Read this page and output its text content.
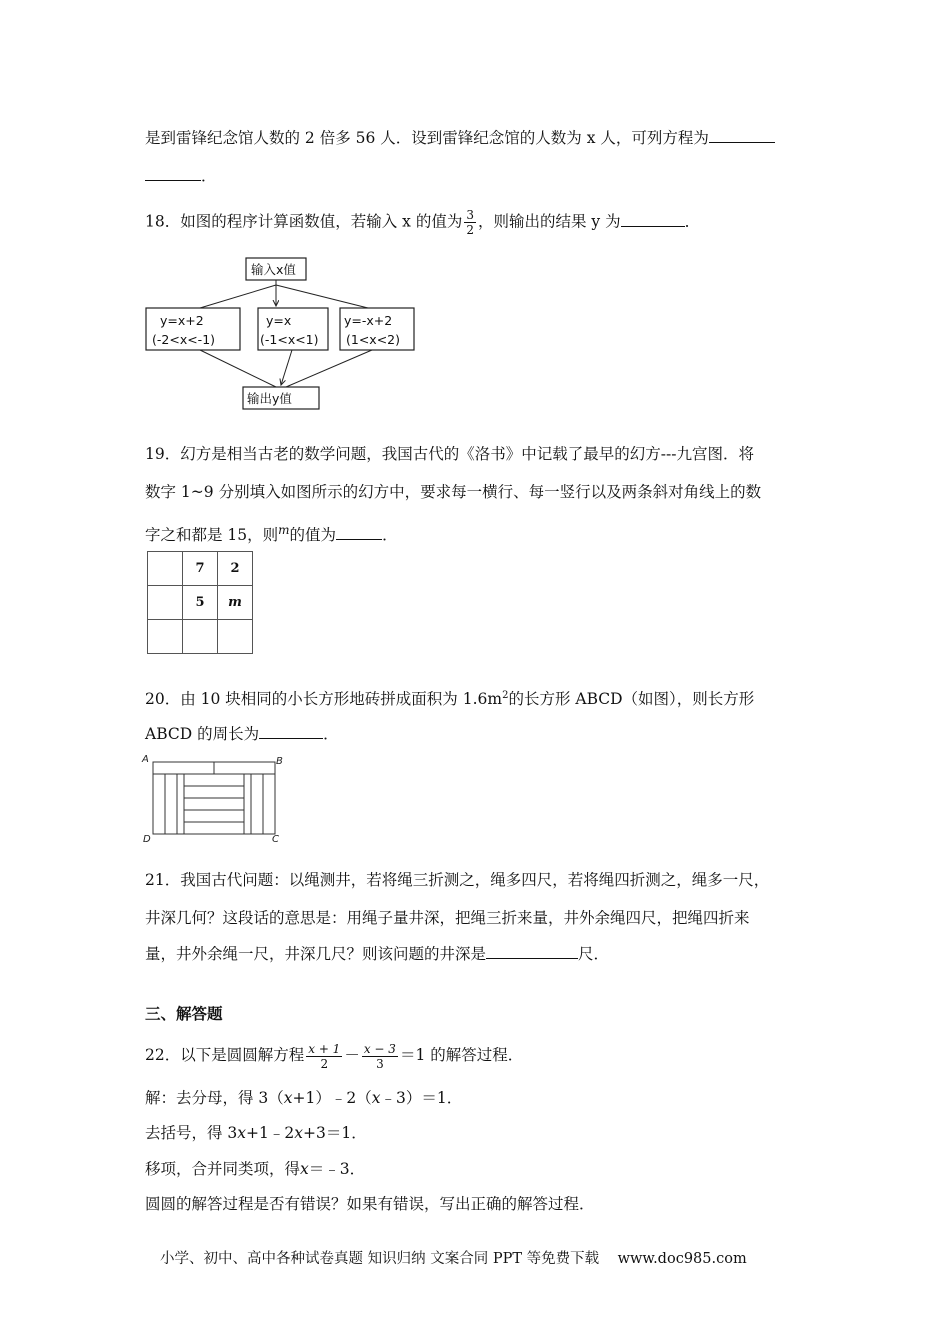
是到雷锋纪念馆人数的 2 倍多 56 人．设到雷锋纪念馆的人数为 x 人，可列方程为
．
18．如图的程序计算函数值，若输入 x 的值为 $\frac{3}{2}$ ，则输出的结果 y 为	．
输入x值
y=x+2
(-2<x<-1)
y=x
(-1<x<1)
y=-x+2
(1<x<2)
输出y值
19．幻方是相当古老的数学问题，我国古代的《洛书》中记载了最早的幻方---九宫图．将
数字 1~9 分别填入如图所示的幻方中，要求每一横行、每一竖行以及两条斜对角线上的数
字之和都是 15，则$^m$的值为	．
	7	2
	5	m

20．由 10 块相同的小长方形地砖拼成面积为 $1.6m^2$的长方形 ABCD（如图），则长方形
ABCD 的周长为	．
A	B
D	C
21．我国古代问题：以绳测井，若将绳三折测之，绳多四尺，若将绳四折测之，绳多一尺，
井深几何？这段话的意思是：用绳子量井深，把绳三折来量，井外余绳四尺，把绳四折来
量，井外余绳一尺，井深几尺？则该问题的井深是	尺．
三、解答题
22．以下是圆圆解方程 $\frac{x + 1}{2} - \frac{x - 3}{3} =1$ 的解答过程．
解：去分母，得 3（x+1）﹣2（x﹣3）＝1．
去括号，得 3x+1﹣2x+3＝1．
移项，合并同类项，得x＝﹣3．
圆圆的解答过程是否有错误？如果有错误，写出正确的解答过程．
小学、初中、高中各种试卷真题 知识归纳 文案合同 PPT 等免费下载 www.doc985.com
